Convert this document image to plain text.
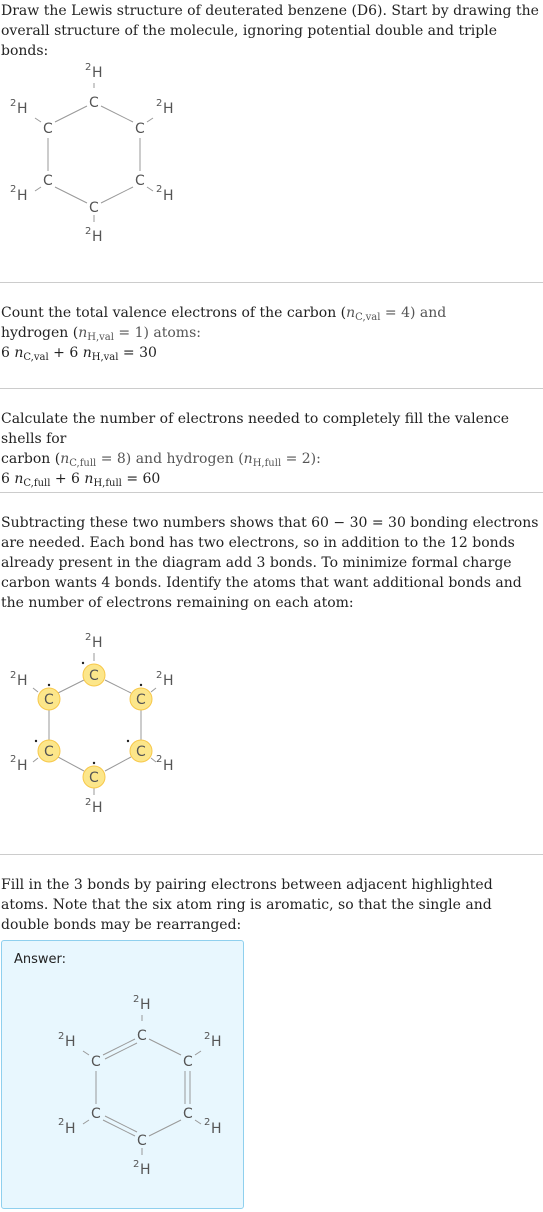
Draw the Lewis structure of deuterated benzene (D6). Start by drawing the overall structure of the molecule, ignoring potential double and triple bonds:

C
C
C
C
C
C
2 H
2 H
2 H
2 H
2 H
2 H

Count the total valence electrons of the carbon $(n_{C,val} = 4)$ and

hydrogen $(n_{H,val} = 1)$ atoms:

6 $n_{C,val} + 6$ $n_{H,val} = 30$

Calculate the number of electrons needed to completely fill the valence shells for

carbon $(n_{C,full} = 8)$ and hydrogen $(n_{H,full} = 2)$:

6 $n_{C,full} + 6$ $n_{H,full} = 60$

Subtracting these two numbers shows that 60 − 30 = 30 bonding electrons are needed. Each bond has two electrons, so in addition to the 12 bonds already present in the diagram add 3 bonds. To minimize formal charge carbon wants 4 bonds. Identify the atoms that want additional bonds and the number of electrons remaining on each atom:

C
C
C
C
C
C
2 H
2 H
2 H
2 H
2 H
2 H

Fill in the 3 bonds by pairing electrons between adjacent highlighted atoms. Note that the six atom ring is aromatic, so that the single and double bonds may be rearranged:

Answer:
C
C
C
C
C
C
2 H
2 H
2 H
2 H
2 H
2 H
